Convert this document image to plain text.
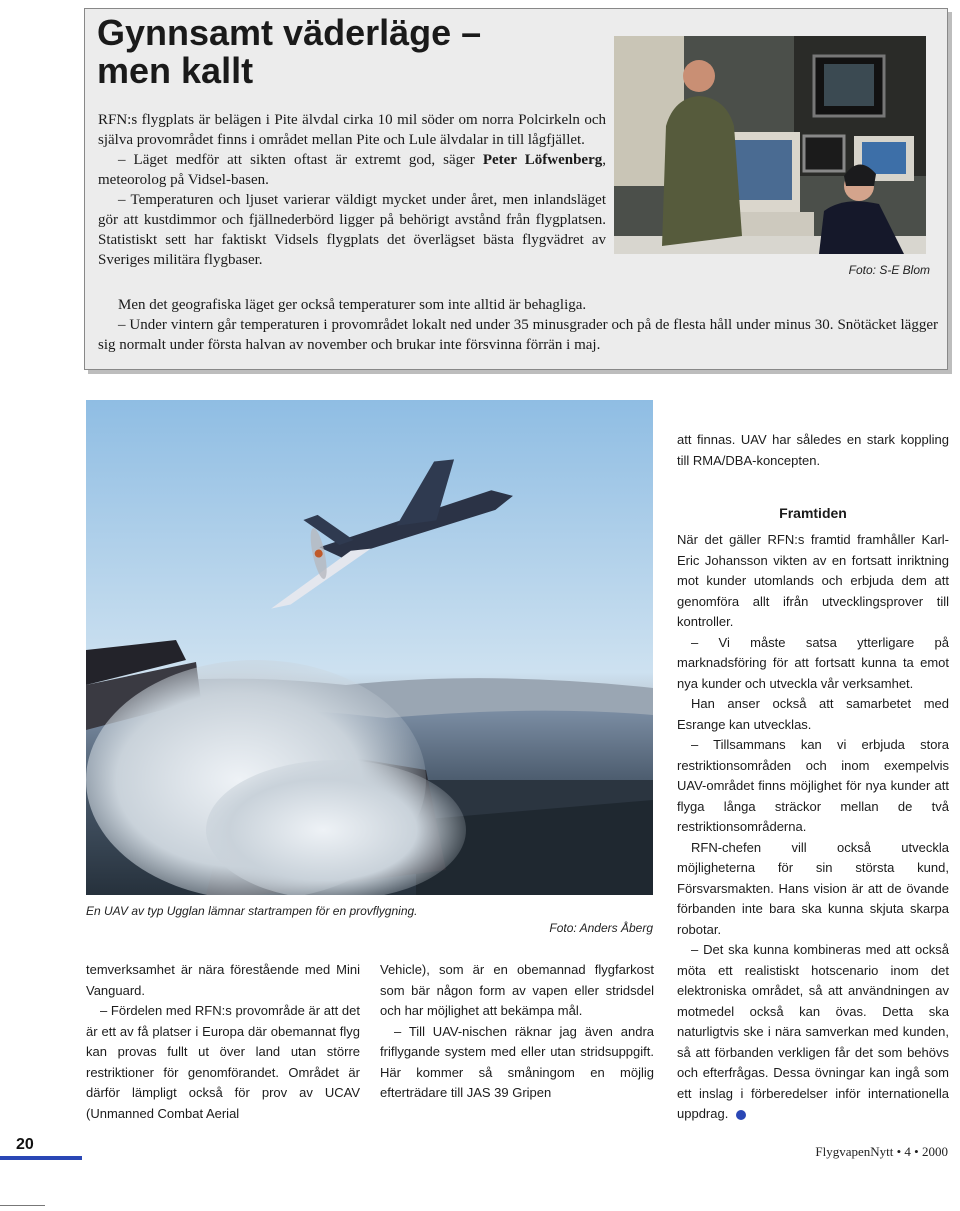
Gynnsamt väderläge –
men kallt
Foto: S-E Blom

RFN:s flygplats är belägen i Pite älvdal cirka 10 mil söder om norra Polcirkeln och själva provområdet finns i området mellan Pite och Lule älvdalar in till lågfjället.

– Läget medför att sikten oftast är extremt god, säger Peter Löfwenberg, meteorolog på Vidsel-basen.

– Temperaturen och ljuset varierar väldigt mycket under året, men inlandsläget gör att kustdimmor och fjällnederbörd ligger på behörigt avstånd från flygplatsen. Statistiskt sett har faktiskt Vidsels flygplats det överlägset bästa flygvädret av Sveriges militära flygbaser.

Men det geografiska läget ger också temperaturer som inte alltid är behagliga.

– Under vintern går temperaturen i provområdet lokalt ned under 35 minusgrader och på de flesta håll under minus 30. Snötäcket lägger sig normalt under första halvan av november och brukar inte försvinna förrän i maj.

En UAV av typ Ugglan lämnar startrampen för en provflygning.
Foto: Anders Åberg

temverksamhet är nära förestående med Mini Vanguard.

– Fördelen med RFN:s provområde är att det är ett av få platser i Europa där obemannat flyg kan provas fullt ut över land utan större restriktioner för genomförandet. Området är därför lämpligt också för prov av UCAV (Unmanned Combat Aerial

Vehicle), som är en obemannad flygfarkost som bär någon form av vapen eller stridsdel och har möjlighet att bekämpa mål.

– Till UAV-nischen räknar jag även andra friflygande system med eller utan stridsuppgift. Här kommer så småningom en möjlig efterträdare till JAS 39 Gripen

att finnas. UAV har således en stark koppling till RMA/DBA-koncepten.

Framtiden

När det gäller RFN:s framtid framhåller Karl-Eric Johansson vikten av en fortsatt inriktning mot kunder utomlands och erbjuda dem att genomföra allt ifrån utvecklingsprover till kontroller.

– Vi måste satsa ytterligare på marknadsföring för att fortsatt kunna ta emot nya kunder och utveckla vår verksamhet.

Han anser också att samarbetet med Esrange kan utvecklas.

– Tillsammans kan vi erbjuda stora restriktionsområden och inom exempelvis UAV-området finns möjlighet för nya kunder att flyga långa sträckor mellan de två restriktionsområderna.

RFN-chefen vill också utveckla möjligheterna för sin största kund, Försvarsmakten. Hans vision är att de övande förbanden inte bara ska kunna skjuta skarpa robotar.

– Det ska kunna kombineras med att också möta ett realistiskt hotscenario inom det elektroniska området, så att användningen av motmedel också kan övas. Detta ska naturligtvis ske i nära samverkan med kunden, så att förbanden verkligen får det som behövs och efterfrågas. Dessa övningar kan ingå som ett inslag i förberedelser inför internationella uppdrag.

20	FlygvapenNytt • 4 • 2000
